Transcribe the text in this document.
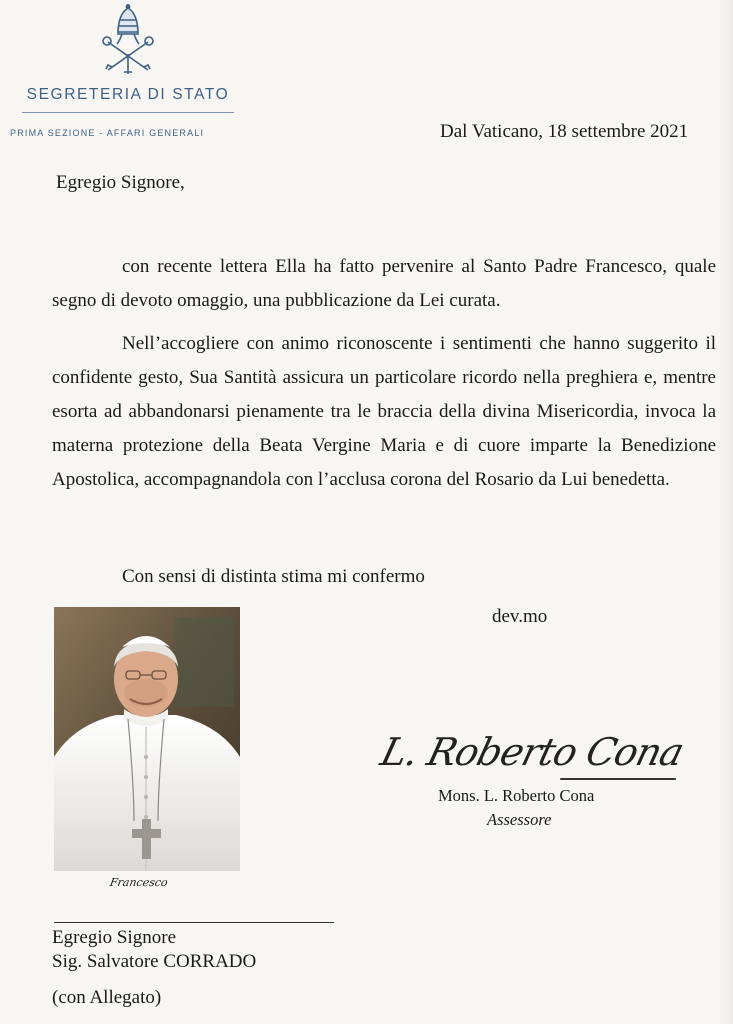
SEGRETERIA DI STATO
PRIMA SEZIONE - AFFARI GENERALI	Dal Vaticano, 18 settembre 2021
Egregio Signore,

con recente lettera Ella ha fatto pervenire al Santo Padre Francesco, quale segno di devoto omaggio, una pubblicazione da Lei curata.

Nell’accogliere con animo riconoscente i sentimenti che hanno suggerito il confidente gesto, Sua Santità assicura un particolare ricordo nella preghiera e, mentre esorta ad abbandonarsi pienamente tra le braccia della divina Misericordia, invoca la materna protezione della Beata Vergine Maria e di cuore imparte la Benedizione Apostolica, accompagnandola con l’acclusa corona del Rosario da Lui benedetta.

Con sensi di distinta stima mi confermo
dev.mo
Francesco
L. Roberto Cona
Mons. L. Roberto Cona
Assessore
Egregio Signore
Sig. Salvatore CORRADO
(con Allegato)
